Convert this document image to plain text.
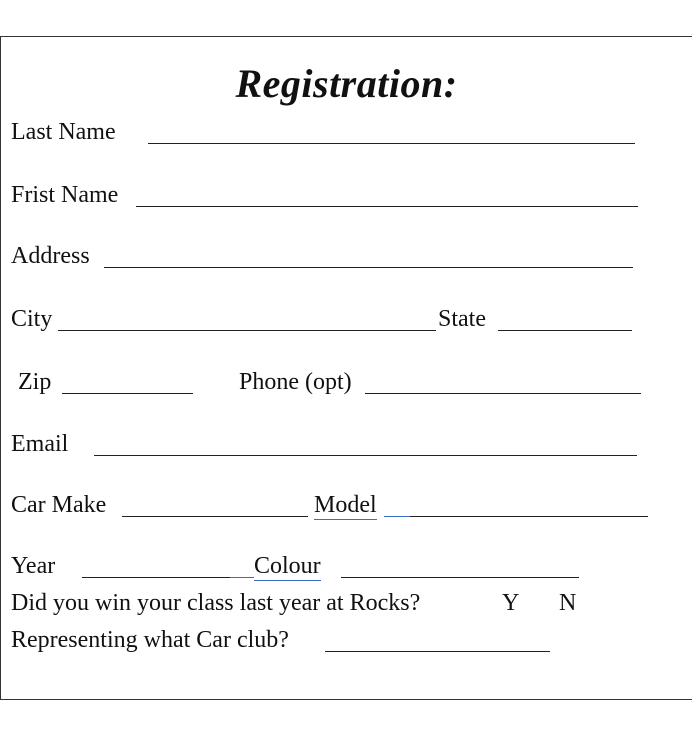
Registration:
Last Name
Frist Name
Address
City	State
Zip	Phone (opt)
Email
Car Make	Model
Year	Colour
Did you win your class last year at Rocks?	Y N
Representing what Car club?
